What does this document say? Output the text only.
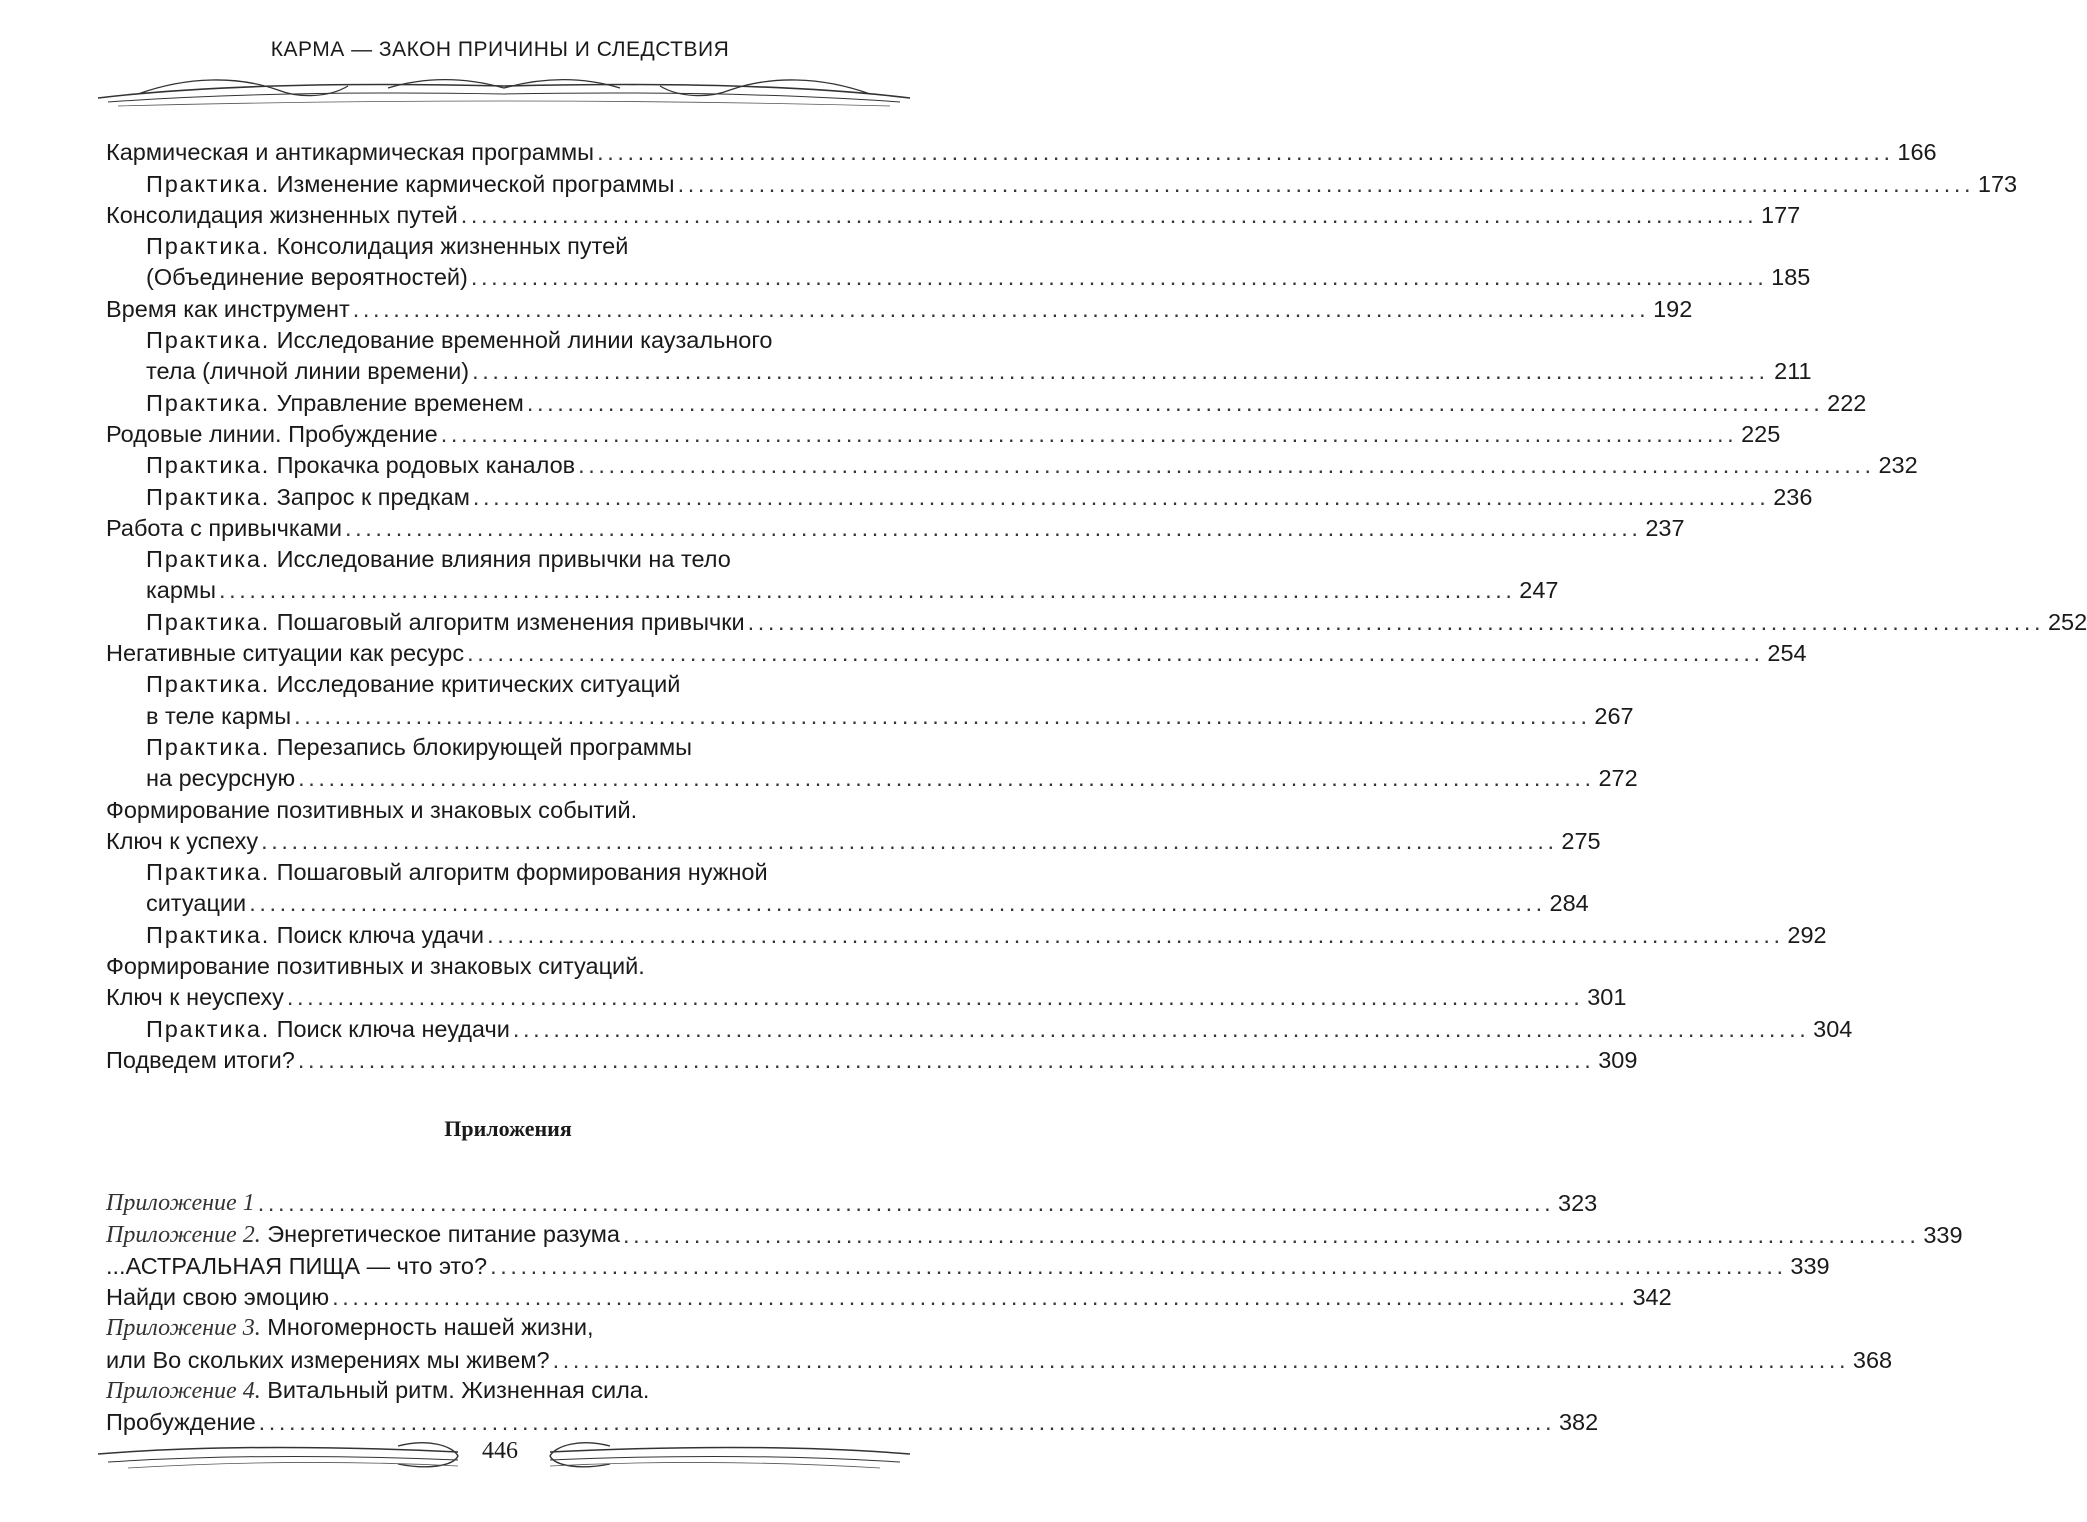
КАРМА — ЗАКОН ПРИЧИНЫ И СЛЕДСТВИЯ
Кармическая и антикармическая программы ................................................................................................................................ 166
Практика. Изменение кармической программы ................................................................................................................................ 173
Консолидация жизненных путей ................................................................................................................................ 177
Практика. Консолидация жизненных путей
(Объединение вероятностей) ................................................................................................................................ 185
Время как инструмент ................................................................................................................................ 192
Практика. Исследование временной линии каузального
тела (личной линии времени) ................................................................................................................................ 211
Практика. Управление временем ................................................................................................................................ 222
Родовые линии. Пробуждение ................................................................................................................................ 225
Практика. Прокачка родовых каналов ................................................................................................................................ 232
Практика. Запрос к предкам ................................................................................................................................ 236
Работа с привычками ................................................................................................................................ 237
Практика. Исследование влияния привычки на тело
кармы ................................................................................................................................ 247
Практика. Пошаговый алгоритм изменения привычки ................................................................................................................................ 252
Негативные ситуации как ресурс ................................................................................................................................ 254
Практика. Исследование критических ситуаций
в теле кармы ................................................................................................................................ 267
Практика. Перезапись блокирующей программы
на ресурсную ................................................................................................................................ 272
Формирование позитивных и знаковых событий.
Ключ к успеху ................................................................................................................................ 275
Практика. Пошаговый алгоритм формирования нужной
ситуации ................................................................................................................................ 284
Практика. Поиск ключа удачи ................................................................................................................................ 292
Формирование позитивных и знаковых ситуаций.
Ключ к неуспеху ................................................................................................................................ 301
Практика. Поиск ключа неудачи ................................................................................................................................ 304
Подведем итоги? ................................................................................................................................ 309
Приложения
Приложение 1 ................................................................................................................................ 323
Приложение 2. Энергетическое питание разума ................................................................................................................................ 339
...АСТРАЛЬНАЯ ПИЩА — что это? ................................................................................................................................ 339
Найди свою эмоцию ................................................................................................................................ 342
Приложение 3. Многомерность нашей жизни,
или Во скольких измерениях мы живем? ................................................................................................................................ 368
Приложение 4. Витальный ритм. Жизненная сила.
Пробуждение ................................................................................................................................ 382
446
